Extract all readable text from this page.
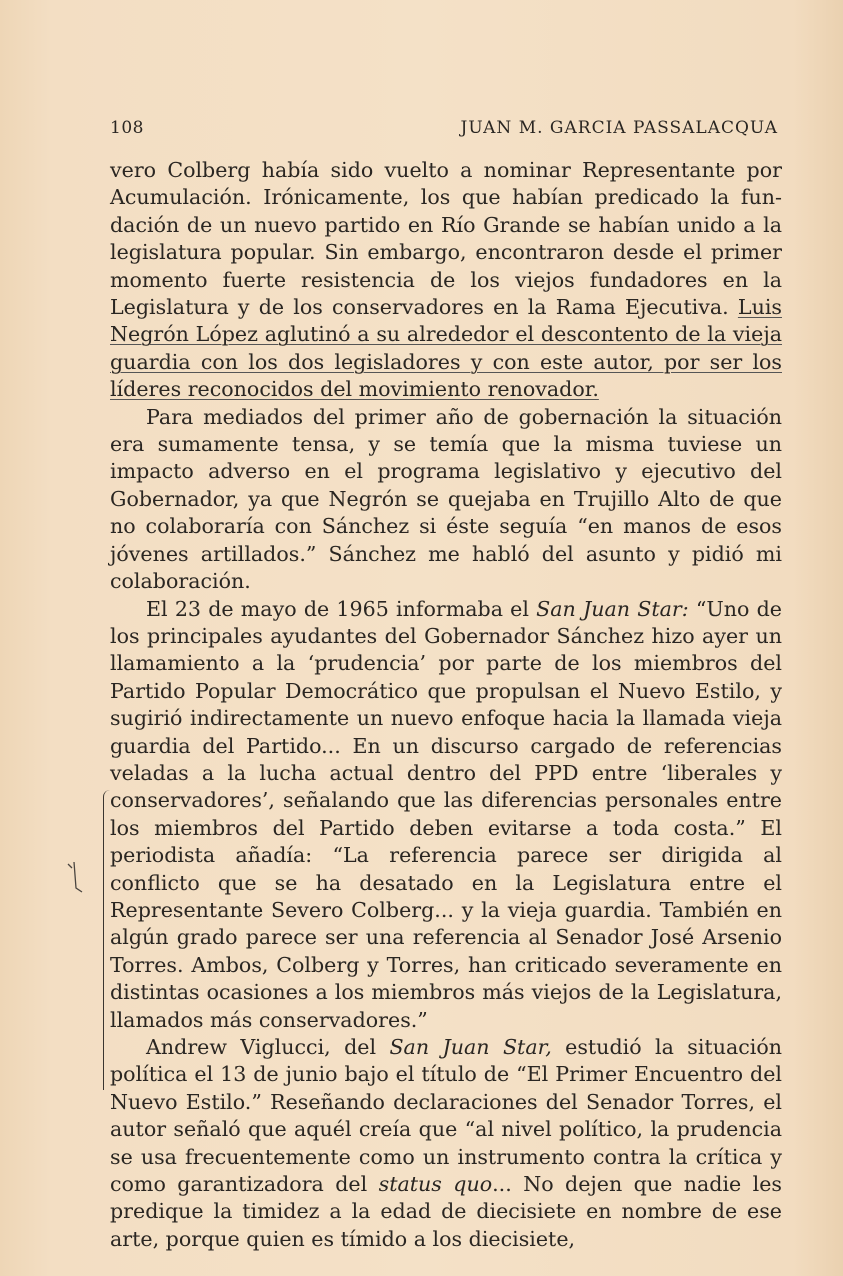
108	JUAN M. GARCIA PASSALACQUA

vero Colberg había sido vuelto a nominar Representante por Acumulación. Irónicamente, los que habían predicado la fundación de un nuevo partido en Río Grande se habían unido a la legislatura popular. Sin embargo, encontraron desde el primer momento fuerte resistencia de los viejos fundadores en la Legislatura y de los conservadores en la Rama Ejecutiva. Luis Negrón López aglutinó a su alrededor el descontento de la vieja guardia con los dos legisladores y con este autor, por ser los líderes reconocidos del movimiento renovador.

Para mediados del primer año de gobernación la situación era sumamente tensa, y se temía que la misma tuviese un impacto adverso en el programa legislativo y ejecutivo del Gobernador, ya que Negrón se quejaba en Trujillo Alto de que no colaboraría con Sánchez si éste seguía “en manos de esos jóvenes artillados.” Sánchez me habló del asunto y pidió mi colaboración.

El 23 de mayo de 1965 informaba el San Juan Star: “Uno de los principales ayudantes del Gobernador Sánchez hizo ayer un llamamiento a la ‘prudencia’ por parte de los miembros del Partido Popular Democrático que propulsan el Nuevo Estilo, y sugirió indirectamente un nuevo enfoque hacia la llamada vieja guardia del Partido... En un discurso cargado de referencias veladas a la lucha actual dentro del PPD entre ‘liberales y conservadores’, señalando que las diferencias personales entre los miembros del Partido deben evitarse a toda costa.” El periodista añadía: “La referencia parece ser dirigida al conflicto que se ha desatado en la Legislatura entre el Representante Severo Colberg... y la vieja guardia. También en algún grado parece ser una referencia al Senador José Arsenio Torres. Ambos, Colberg y Torres, han criticado severamente en distintas ocasiones a los miembros más viejos de la Legislatura, llamados más conservadores.”

Andrew Viglucci, del San Juan Star, estudió la situación política el 13 de junio bajo el título de “El Primer Encuentro del Nuevo Estilo.” Reseñando declaraciones del Senador Torres, el autor señaló que aquél creía que “al nivel político, la prudencia se usa frecuentemente como un instrumento contra la crítica y como garantizadora del status quo... No dejen que nadie les predique la timidez a la edad de diecisiete en nombre de ese arte, porque quien es tímido a los diecisiete,
